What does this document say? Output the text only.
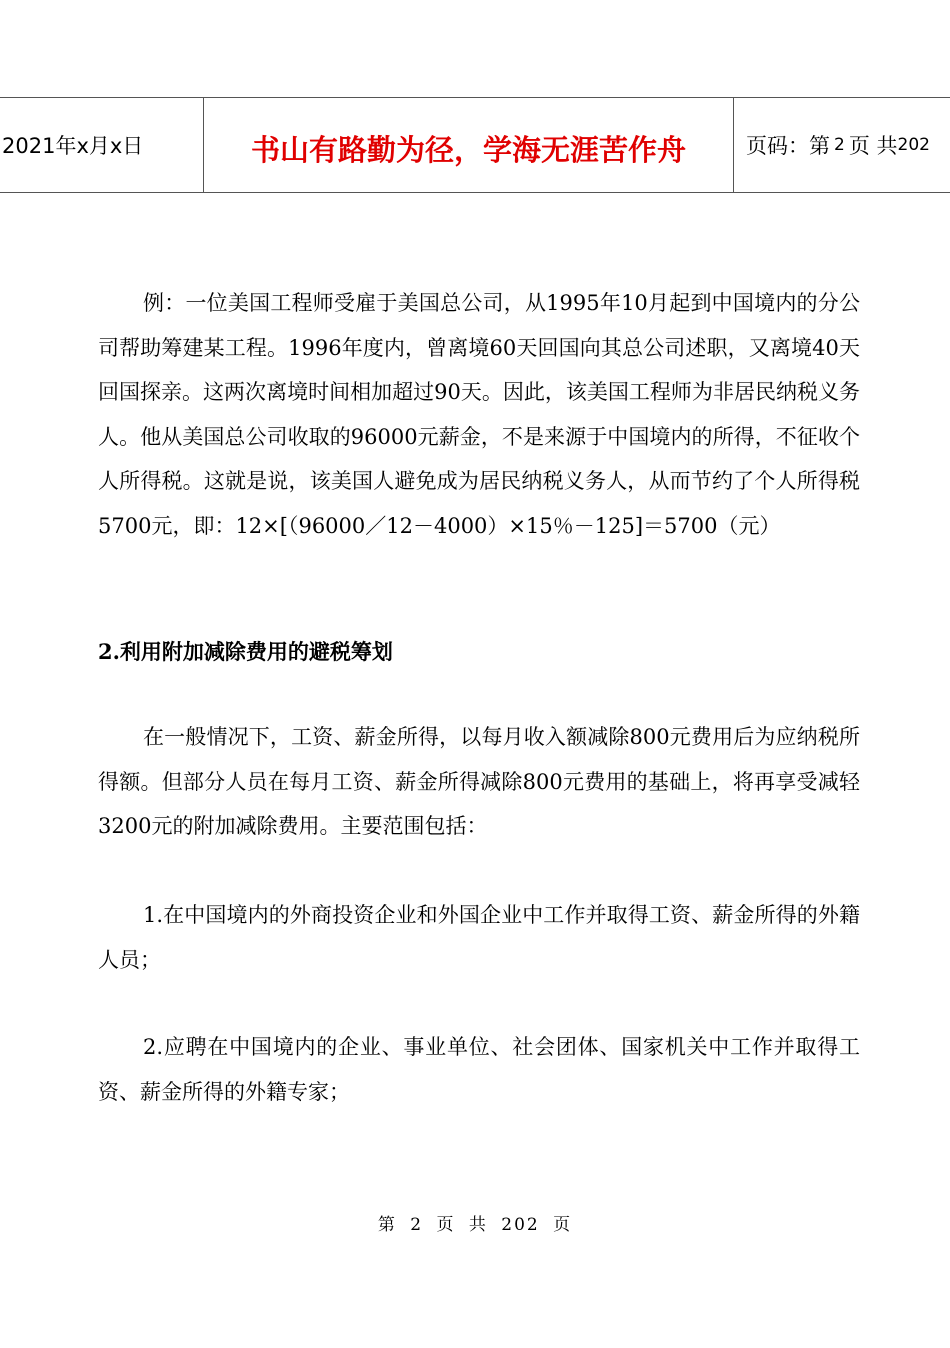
2021年x月x日	书山有路勤为径，学海无涯苦作舟	页码：第 2 页 共 202

例：一位美国工程师受雇于美国总公司，从1995年10月起到中国境内的分公司帮助筹建某工程。1996年度内，曾离境60天回国向其总公司述职，又离境40天回国探亲。这两次离境时间相加超过90天。因此，该美国工程师为非居民纳税义务人。他从美国总公司收取的96000元薪金，不是来源于中国境内的所得，不征收个人所得税。这就是说，该美国人避免成为居民纳税义务人，从而节约了个人所得税5700元，即：12×[（96000／12－4000）×15％－125]＝5700（元）

2.利用附加减除费用的避税筹划

在一般情况下，工资、薪金所得，以每月收入额减除800元费用后为应纳税所得额。但部分人员在每月工资、薪金所得减除800元费用的基础上，将再享受减轻3200元的附加减除费用。主要范围包括：

1.在中国境内的外商投资企业和外国企业中工作并取得工资、薪金所得的外籍人员；

2.应聘在中国境内的企业、事业单位、社会团体、国家机关中工作并取得工资、薪金所得的外籍专家；

第 2 页 共 202 页
